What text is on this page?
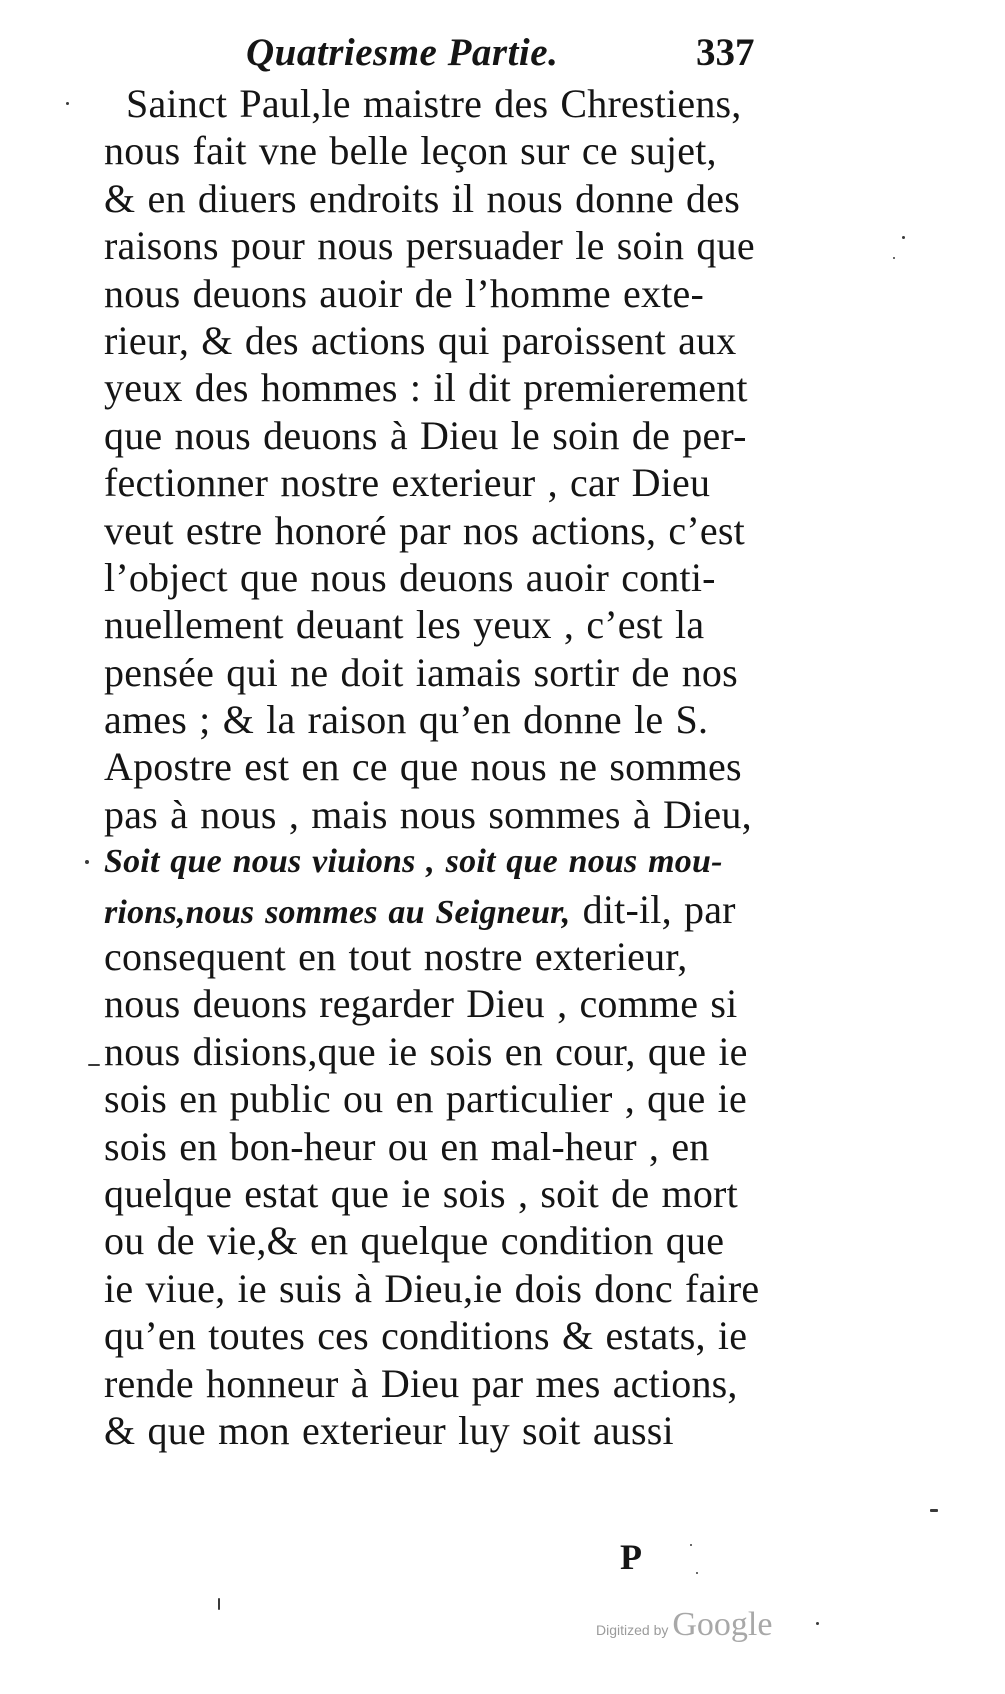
Quatriesme Partie.	337
Sainct Paul,le maistre des Chrestiens,
nous fait vne belle leçon sur ce sujet,
& en diuers endroits il nous donne des
raisons pour nous persuader le soin que
nous deuons auoir de l’homme exte-
rieur, & des actions qui paroissent aux
yeux des hommes : il dit premierement
que nous deuons à Dieu le soin de per-
fectionner nostre exterieur , car Dieu
veut estre honoré par nos actions, c’est
l’object que nous deuons auoir conti-
nuellement deuant les yeux , c’est la
pensée qui ne doit iamais sortir de nos
ames ; & la raison qu’en donne le S.
Apostre est en ce que nous ne sommes
pas à nous , mais nous sommes à Dieu,
Soit que nous viuions , soit que nous mou-
rions,nous sommes au Seigneur, dit-il, par
consequent en tout nostre exterieur,
nous deuons regarder Dieu , comme si
nous disions,que ie sois en cour, que ie
sois en public ou en particulier , que ie
sois en bon-heur ou en mal-heur , en
quelque estat que ie sois , soit de mort
ou de vie,& en quelque condition que
ie viue, ie suis à Dieu,ie dois donc faire
qu’en toutes ces conditions & estats, ie
rende honneur à Dieu par mes actions,
& que mon exterieur luy soit aussi
P
Digitized by Google
